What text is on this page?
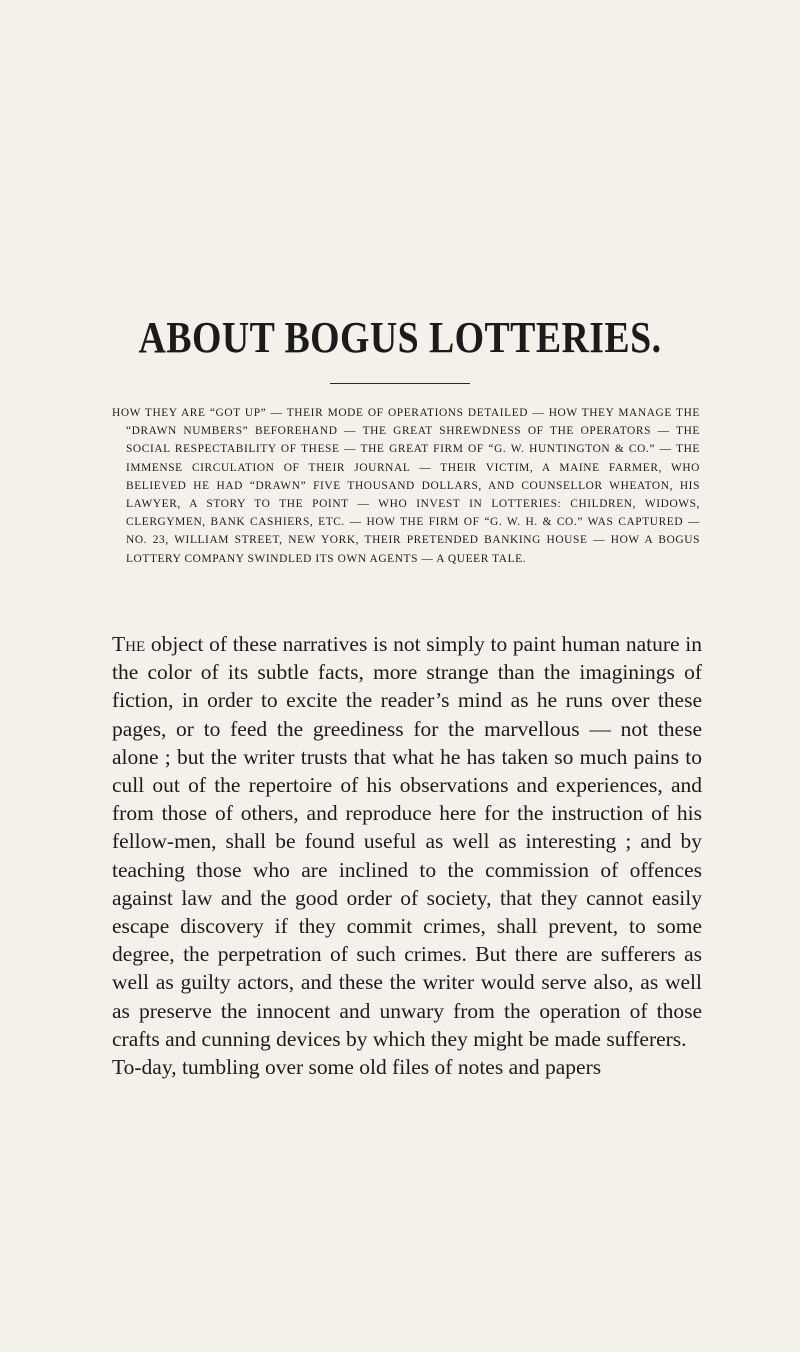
ABOUT BOGUS LOTTERIES.
HOW THEY ARE “GOT UP” — THEIR MODE OF OPERATIONS DETAILED — HOW THEY MANAGE THE “DRAWN NUMBERS” BEFOREHAND — THE GREAT SHREWDNESS OF THE OPERATORS — THE SOCIAL RESPECTABILITY OF THESE — THE GREAT FIRM OF “G. W. HUNTINGTON & CO.” — THE IMMENSE CIRCULATION OF THEIR JOURNAL — THEIR VICTIM, A MAINE FARMER, WHO BELIEVED HE HAD “DRAWN” FIVE THOUSAND DOLLARS, AND COUNSELLOR WHEATON, HIS LAWYER, A STORY TO THE POINT — WHO INVEST IN LOTTERIES: CHILDREN, WIDOWS, CLERGYMEN, BANK CASHIERS, ETC. — HOW THE FIRM OF “G. W. H. & CO.” WAS CAPTURED — NO. 23, WILLIAM STREET, NEW YORK, THEIR PRETENDED BANKING HOUSE — HOW A BOGUS LOTTERY COMPANY SWINDLED ITS OWN AGENTS — A QUEER TALE.

The object of these narratives is not simply to paint human nature in the color of its subtle facts, more strange than the imaginings of fiction, in order to excite the reader’s mind as he runs over these pages, or to feed the greediness for the marvellous — not these alone ; but the writer trusts that what he has taken so much pains to cull out of the repertoire of his observations and experiences, and from those of others, and reproduce here for the instruction of his fellow-men, shall be found useful as well as interesting ; and by teaching those who are inclined to the commission of offences against law and the good order of society, that they cannot easily escape discovery if they commit crimes, shall prevent, to some degree, the perpetration of such crimes. But there are sufferers as well as guilty actors, and these the writer would serve also, as well as preserve the innocent and unwary from the operation of those crafts and cunning devices by which they might be made sufferers.

To-day, tumbling over some old files of notes and papers
